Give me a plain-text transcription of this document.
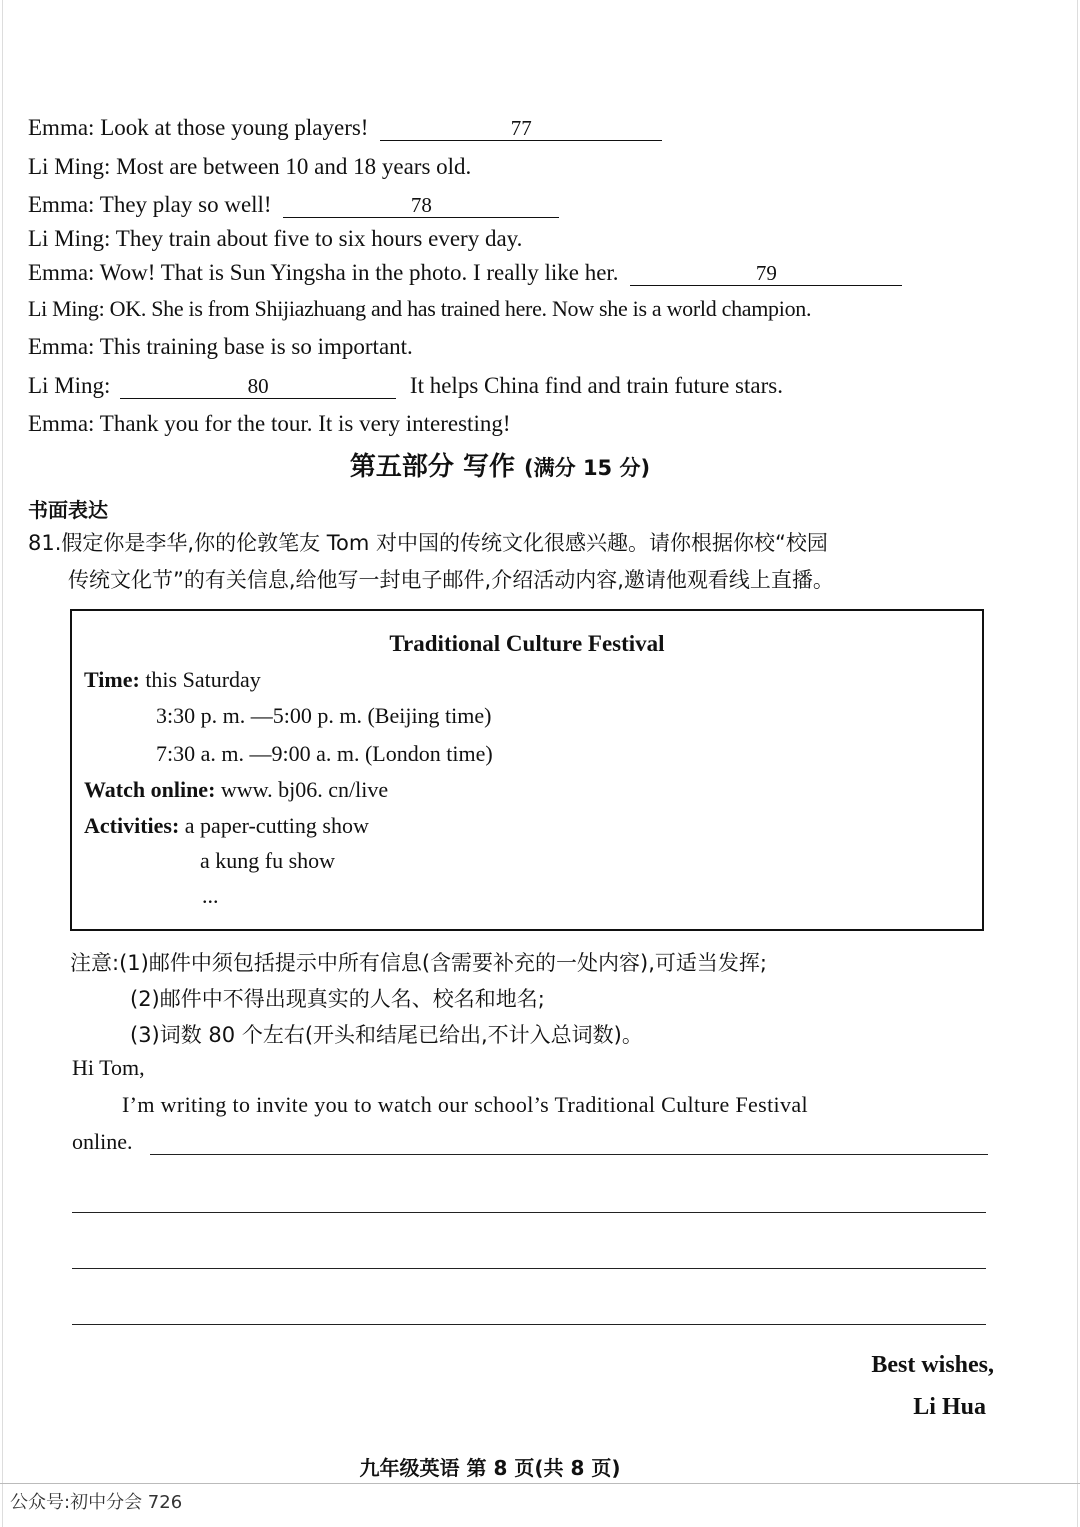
Emma: Look at those young players!	77
Li Ming: Most are between 10 and 18 years old.
Emma: They play so well!	78
Li Ming: They train about five to six hours every day.
Emma: Wow! That is Sun Yingsha in the photo. I really like her.	79
Li Ming: OK. She is from Shijiazhuang and has trained here. Now she is a world champion.
Emma: This training base is so important.
Li Ming:	80	It helps China find and train future stars.
Emma: Thank you for the tour. It is very interesting!
第五部分 写作 (满分 15 分)
书面表达
81.假定你是李华,你的伦敦笔友 Tom 对中国的传统文化很感兴趣。请你根据你校“校园
传统文化节”的有关信息,给他写一封电子邮件,介绍活动内容,邀请他观看线上直播。
Traditional Culture Festival
Time: this Saturday
3:30 p. m. —5:00 p. m. (Beijing time)
7:30 a. m. —9:00 a. m. (London time)
Watch online: www. bj06. cn/live
Activities: a paper-cutting show
a kung fu show
...
注意:(1)邮件中须包括提示中所有信息(含需要补充的一处内容),可适当发挥;
(2)邮件中不得出现真实的人名、校名和地名;
(3)词数 80 个左右(开头和结尾已给出,不计入总词数)。
Hi Tom,
I’m writing to invite you to watch our school’s Traditional Culture Festival
online.
Best wishes,
Li Hua
九年级英语 第 8 页(共 8 页)
公众号:初中分会 726
